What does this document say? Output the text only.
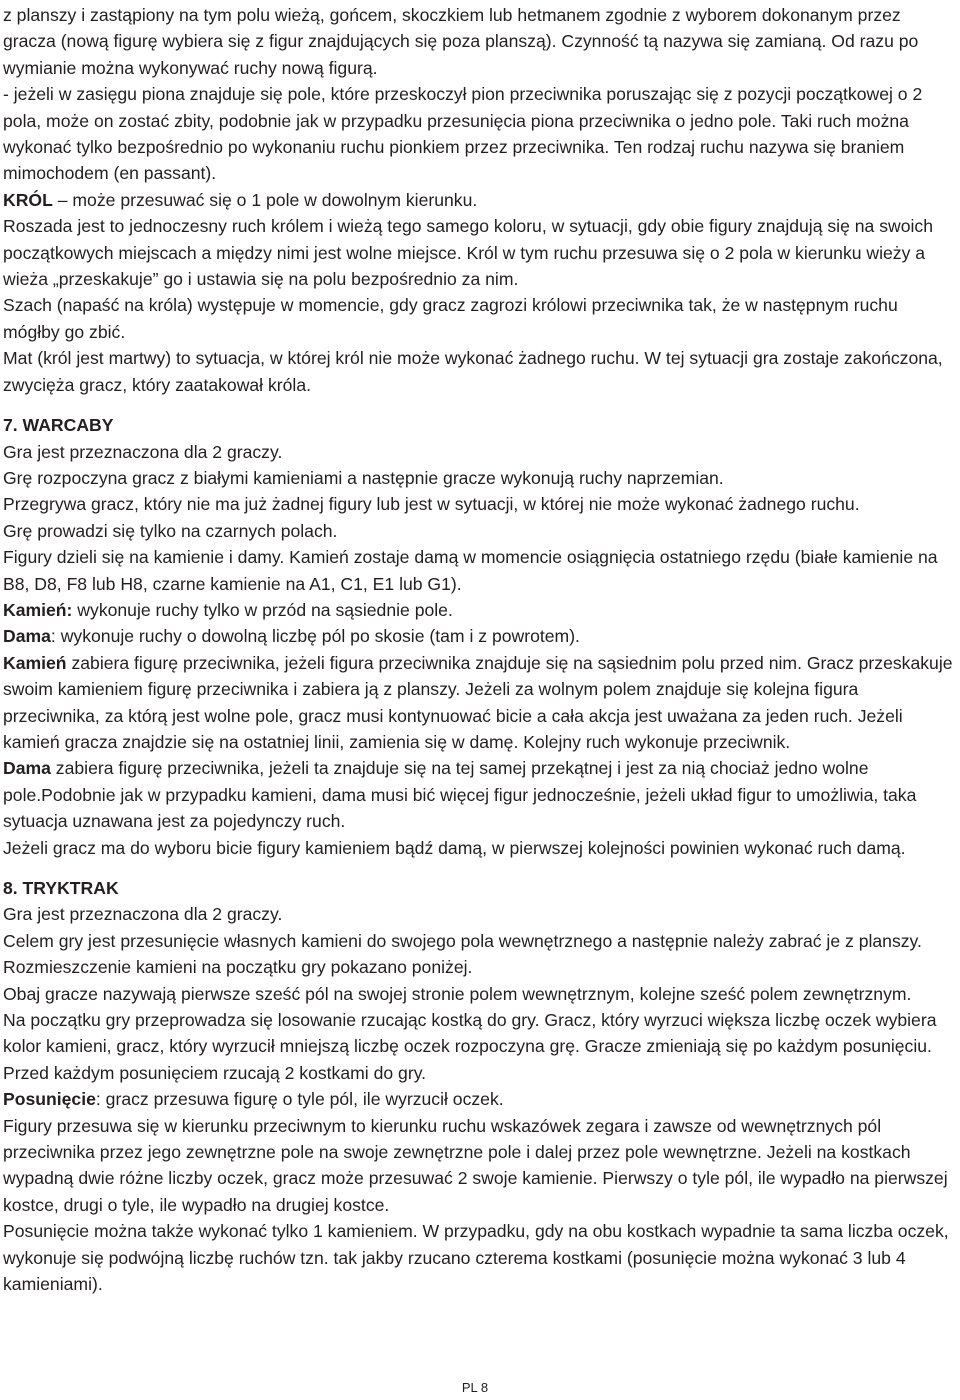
z planszy i zastąpiony na tym polu wieżą, gońcem, skoczkiem lub hetmanem zgodnie z wyborem dokonanym przez gracza (nową figurę wybiera się z figur znajdujących się poza planszą). Czynność tą nazywa się zamianą. Od razu po wymianie można wykonywać ruchy nową figurą.

- jeżeli w zasięgu piona znajduje się pole, które przeskoczył pion przeciwnika poruszając się z pozycji początkowej o 2 pola, może on zostać zbity, podobnie jak w przypadku przesunięcia piona przeciwnika o jedno pole. Taki ruch można wykonać tylko bezpośrednio po wykonaniu ruchu pionkiem przez przeciwnika. Ten rodzaj ruchu nazywa się braniem mimochodem (en passant).

KRÓL – może przesuwać się o 1 pole w dowolnym kierunku.

Roszada jest to jednoczesny ruch królem i wieżą tego samego koloru, w sytuacji, gdy obie figury znajdują się na swoich początkowych miejscach a między nimi jest wolne miejsce. Król w tym ruchu przesuwa się o 2 pola w kierunku wieży a wieża „przeskakuje” go i ustawia się na polu bezpośrednio za nim.

Szach (napaść na króla) występuje w momencie, gdy gracz zagrozi królowi przeciwnika tak, że w następnym ruchu mógłby go zbić.

Mat (król jest martwy) to sytuacja, w której król nie może wykonać żadnego ruchu. W tej sytuacji gra zostaje zakończona, zwycięża gracz, który zaatakował króla.

7. WARCABY

Gra jest przeznaczona dla 2 graczy.

Grę rozpoczyna gracz z białymi kamieniami a następnie gracze wykonują ruchy naprzemian.

Przegrywa gracz, który nie ma już żadnej figury lub jest w sytuacji, w której nie może wykonać żadnego ruchu.

Grę prowadzi się tylko na czarnych polach.

Figury dzieli się na kamienie i damy. Kamień zostaje damą w momencie osiągnięcia ostatniego rzędu (białe kamienie na B8, D8, F8 lub H8, czarne kamienie na A1, C1, E1 lub G1).

Kamień: wykonuje ruchy tylko w przód na sąsiednie pole.

Dama: wykonuje ruchy o dowolną liczbę pól po skosie (tam i z powrotem).

Kamień zabiera figurę przeciwnika, jeżeli figura przeciwnika znajduje się na sąsiednim polu przed nim. Gracz przeskakuje swoim kamieniem figurę przeciwnika i zabiera ją z planszy. Jeżeli za wolnym polem znajduje się kolejna figura przeciwnika, za którą jest wolne pole, gracz musi kontynuować bicie a cała akcja jest uważana za jeden ruch. Jeżeli kamień gracza znajdzie się na ostatniej linii, zamienia się w damę. Kolejny ruch wykonuje przeciwnik.

Dama zabiera figurę przeciwnika, jeżeli ta znajduje się na tej samej przekątnej i jest za nią chociaż jedno wolne pole.Podobnie jak w przypadku kamieni, dama musi bić więcej figur jednocześnie, jeżeli układ figur to umożliwia, taka sytuacja uznawana jest za pojedynczy ruch.

Jeżeli gracz ma do wyboru bicie figury kamieniem bądź damą, w pierwszej kolejności powinien wykonać ruch damą.

8. TRYKTRAK

Gra jest przeznaczona dla 2 graczy.

Celem gry jest przesunięcie własnych kamieni do swojego pola wewnętrznego a następnie należy zabrać je z planszy.

Rozmieszczenie kamieni na początku gry pokazano poniżej.

Obaj gracze nazywają pierwsze sześć pól na swojej stronie polem wewnętrznym, kolejne sześć polem zewnętrznym.

Na początku gry przeprowadza się losowanie rzucając kostką do gry. Gracz, który wyrzuci większa liczbę oczek wybiera kolor kamieni, gracz, który wyrzucił mniejszą liczbę oczek rozpoczyna grę. Gracze zmieniają się po każdym posunięciu. Przed każdym posunięciem rzucają 2 kostkami do gry.

Posunięcie: gracz przesuwa figurę o tyle pól, ile wyrzucił oczek.

Figury przesuwa się w kierunku przeciwnym to kierunku ruchu wskazówek zegara i zawsze od wewnętrznych pól przeciwnika przez jego zewnętrzne pole na swoje zewnętrzne pole i dalej przez pole wewnętrzne. Jeżeli na kostkach wypadną dwie różne liczby oczek, gracz może przesuwać 2 swoje kamienie. Pierwszy o tyle pól, ile wypadło na pierwszej kostce, drugi o tyle, ile wypadło na drugiej kostce.

Posunięcie można także wykonać tylko 1 kamieniem. W przypadku, gdy na obu kostkach wypadnie ta sama liczba oczek, wykonuje się podwójną liczbę ruchów tzn. tak jakby rzucano czterema kostkami (posunięcie można wykonać 3 lub 4 kamieniami).

PL 8
